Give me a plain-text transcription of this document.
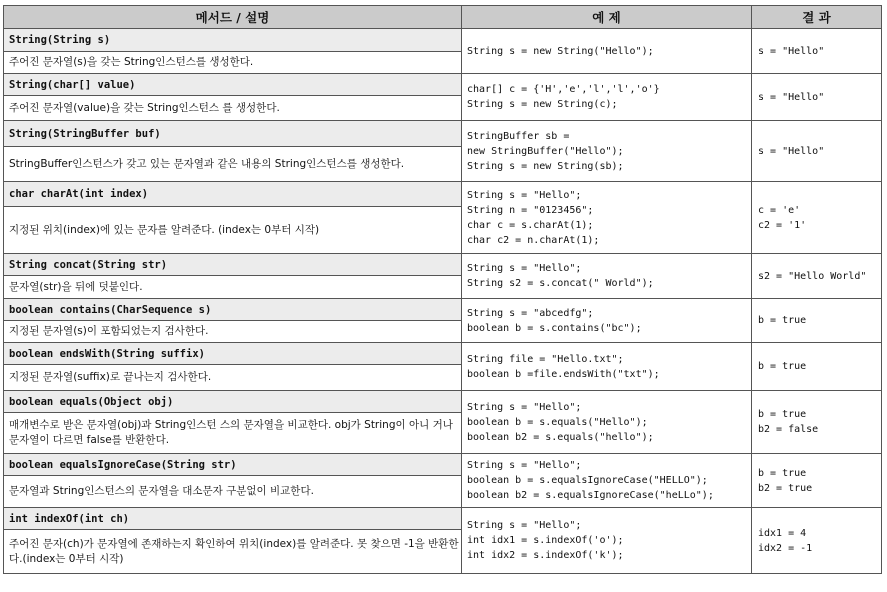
메서드 / 설명	예 제	결 과
String(String s)	String s = new String("Hello");	s = "Hello"

주어진 문자열(s)을 갖는 String인스턴스를 생성한다.		
String(char[] value)	char[] c = {'H','e','l','l','o'}
String s = new String(c);	s = "Hello"

주어진 문자열(value)을 갖는 String인스턴스 를 생성한다.		
String(StringBuffer buf)	StringBuffer sb =
new StringBuffer("Hello");
String s = new String(sb);	s = "Hello"

StringBuffer인스턴스가 갖고 있는 문자열과 같은 내용의 String인스턴스를 생성한다.		
char charAt(int index)	String s = "Hello";
String n = "0123456";
char c = s.charAt(1);
char c2 = n.charAt(1);	c = 'e'
c2 = '1'

지정된 위치(index)에 있는 문자를 알려준다. (index는 0부터 시작)		
String concat(String str)	String s = "Hello";
String s2 = s.concat(" World");	s2 = "Hello World"

문자열(str)을 뒤에 덧붙인다.		
boolean contains(CharSequence s)	String s = "abcedfg";
boolean b = s.contains("bc");	b = true

지정된 문자열(s)이 포함되었는지 검사한다.		
boolean endsWith(String suffix)	String file = "Hello.txt";
boolean b =file.endsWith("txt");	b = true

지정된 문자열(suffix)로 끝나는지 검사한다.		
boolean equals(Object obj)	String s = "Hello";
boolean b = s.equals("Hello");
boolean b2 = s.equals("hello");	b = true
b2 = false

매개변수로 받은 문자열(obj)과 String인스턴 스의 문자열을 비교한다. obj가 String이 아니 거나 문자열이 다르면 false를 반환한다.		
boolean equalsIgnoreCase(String str)	String s = "Hello";
boolean b = s.equalsIgnoreCase("HELLO");
boolean b2 = s.equalsIgnoreCase("heLLo");	b = true
b2 = true

문자열과 String인스턴스의 문자열을 대소문자 구분없이 비교한다.		
int indexOf(int ch)	String s = "Hello";
int idx1 = s.indexOf('o');
int idx2 = s.indexOf('k');	idx1 = 4
idx2 = -1

주어진 문자(ch)가 문자열에 존재하는지 확인하여 위치(index)를 알려준다. 못 찾으면 -1을 반환한다.(index는 0부터 시작)		
